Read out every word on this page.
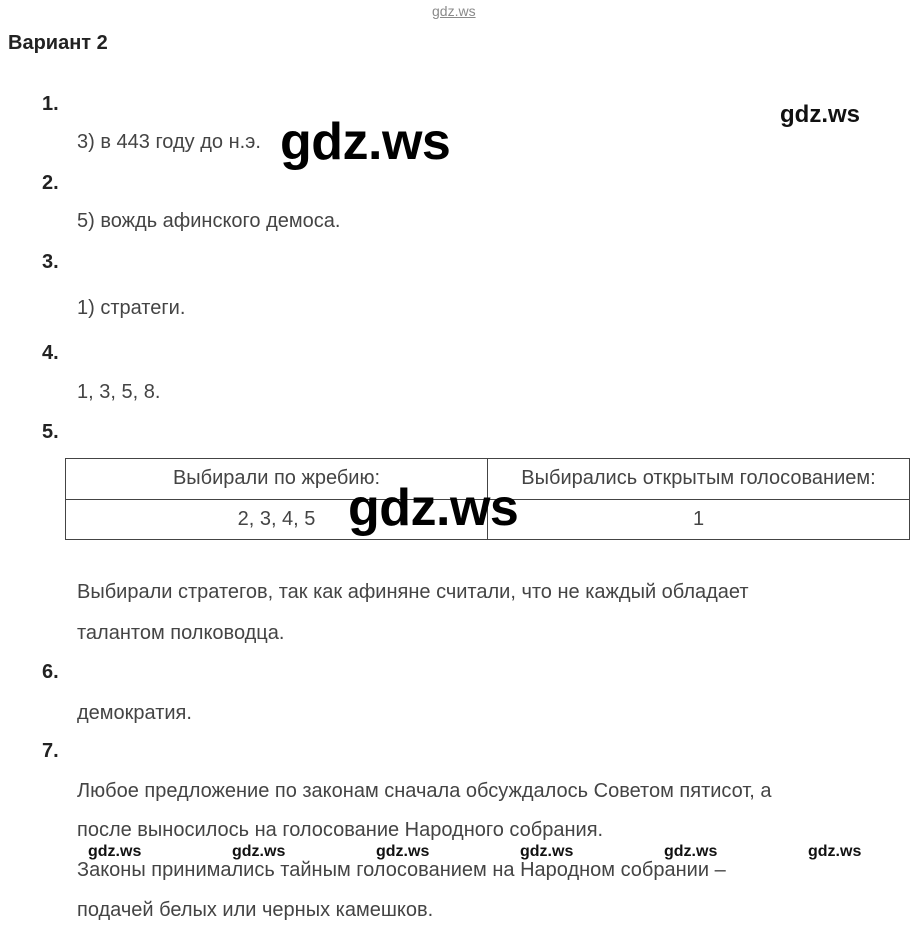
gdz.ws
Вариант 2
1.
3) в 443 году до н.э.
2.
5) вождь афинского демоса.
3.
1) стратеги.
4.
1, 3, 5, 8.
5.
Выбирали по жребию:	Выбирались открытым голосованием:
2, 3, 4, 5	1
Выбирали стратегов, так как афиняне считали, что не каждый обладает
талантом полководца.
6.
демократия.
7.
Любое предложение по законам сначала обсуждалось Советом пятисот, а
после выносилось на голосование Народного собрания.
Законы принимались тайным голосованием на Народном собрании –
подачей белых или черных камешков.
gdz.ws
gdz.ws
gdz.ws
gdz.ws	gdz.ws	gdz.ws	gdz.ws	gdz.ws	gdz.ws
